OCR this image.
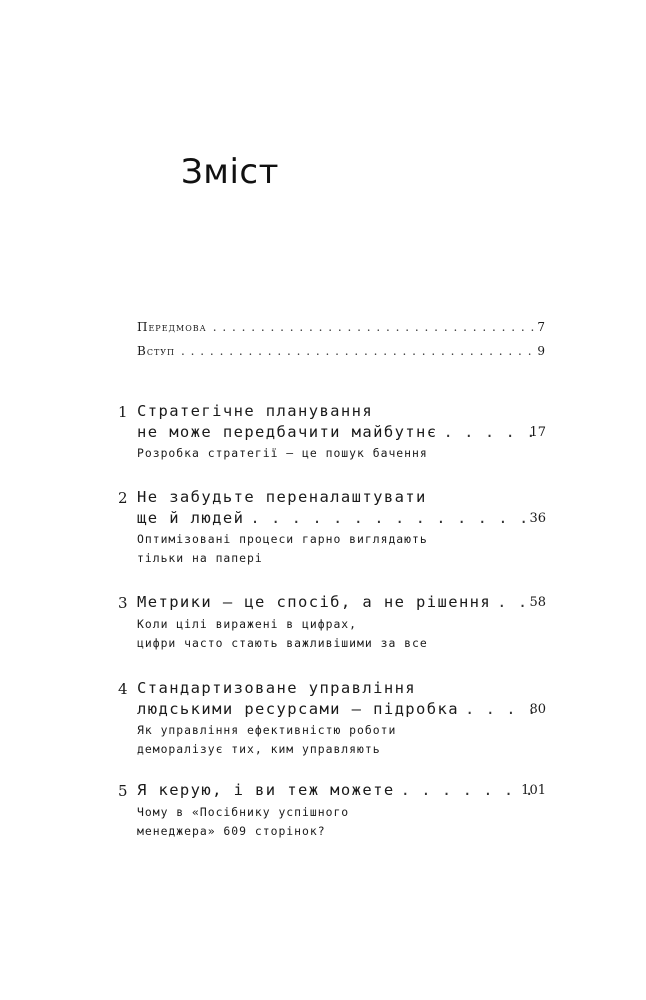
Зміст
Передмова . . .	7
Вступ . . .	9
1 Стратегічне планування
не може передбачити майбутнє . . .	17
Розробка стратегії — це пошук бачення
2 Не забудьте переналаштувати
ще й людей . . .	36
Оптимізовані процеси гарно виглядають
тільки на папері
3 Метрики — це спосіб, а не рішення . . .	58
Коли цілі виражені в цифрах,
цифри часто стають важливішими за все
4 Стандартизоване управління
людськими ресурсами — підробка . . .	80
Як управління ефективністю роботи
деморалізує тих, ким управляють
5 Я керую, і ви теж можете . . .	101
Чому в «Посібнику успішного
менеджера» 609 сторінок?
